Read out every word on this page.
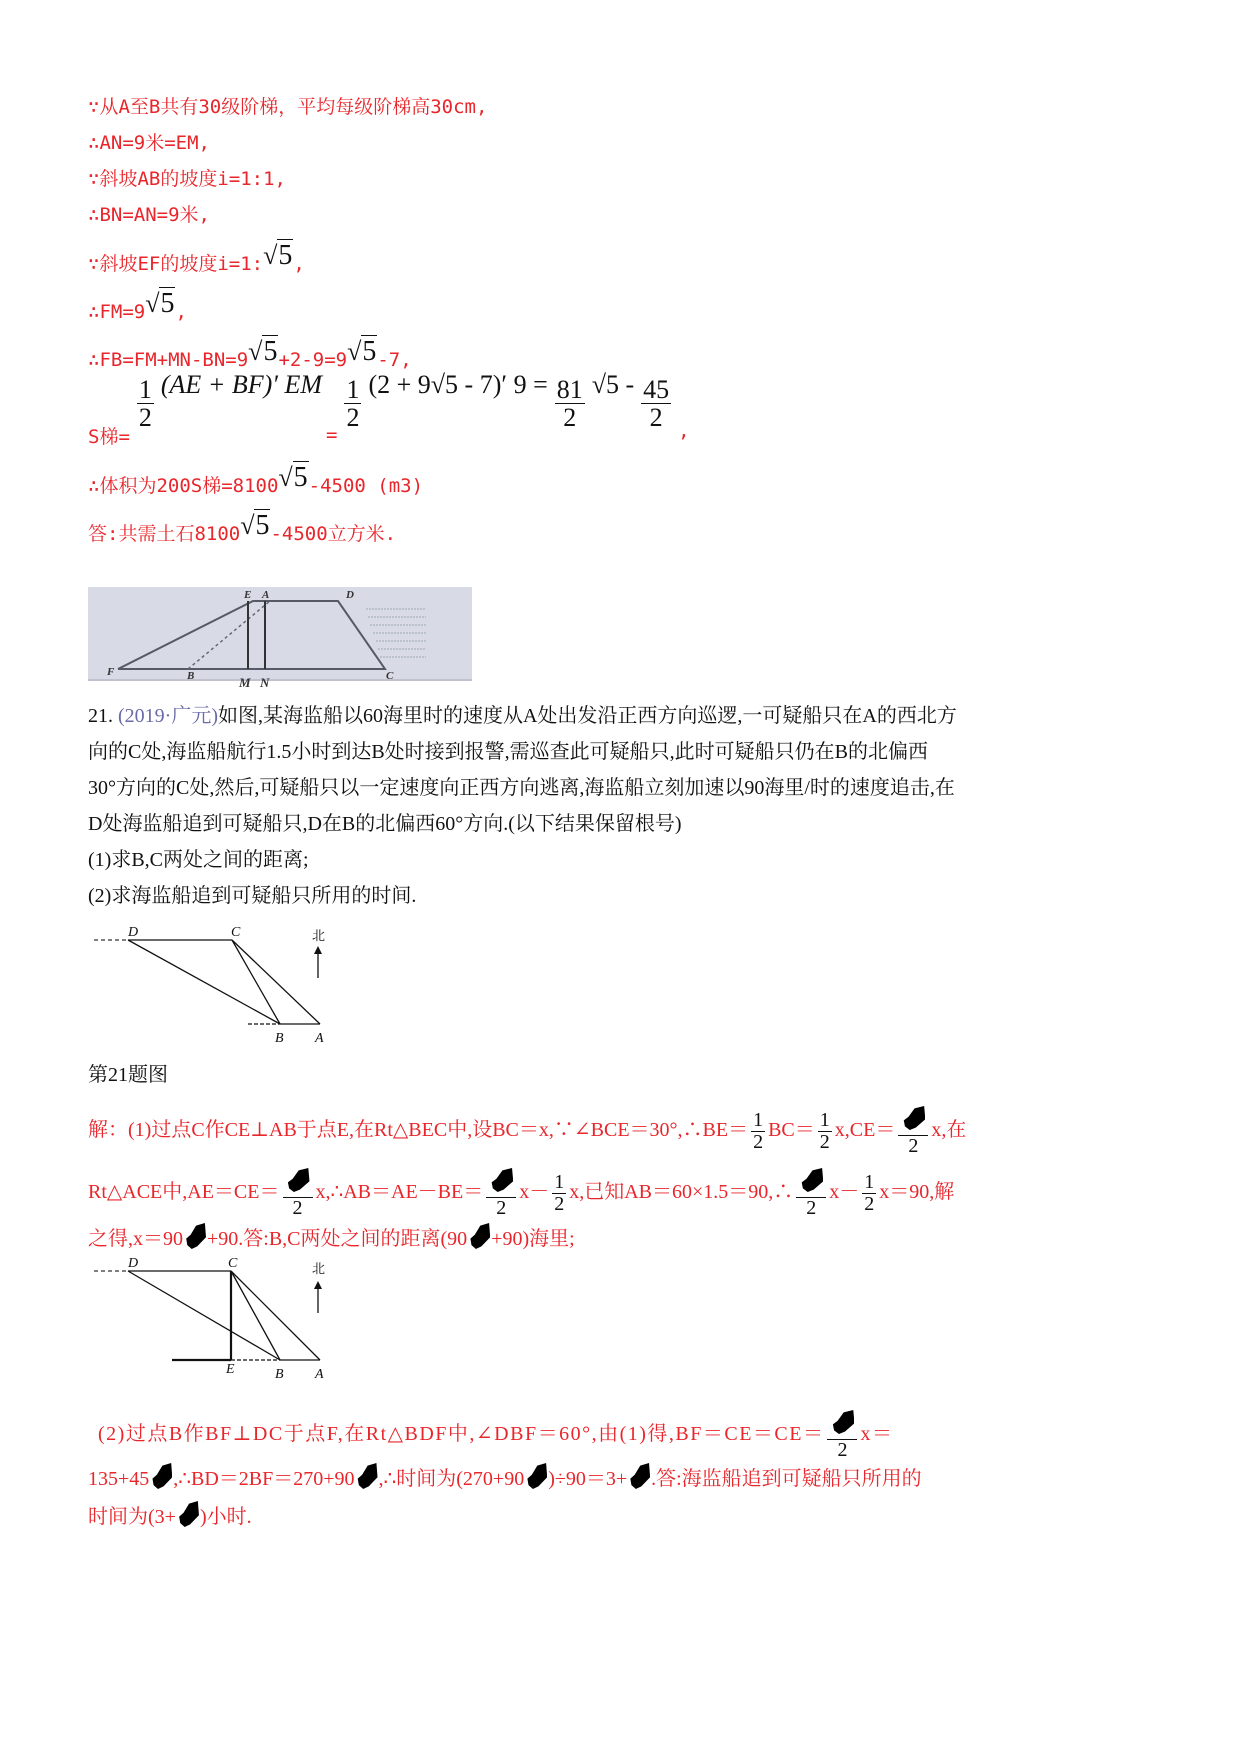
∵从A至B共有30级阶梯，平均每级阶梯高30cm,
∴AN=9米=EM,
∵斜坡AB的坡度i=1:1,
∴BN=AN=9米,
∵斜坡EF的坡度i=1:√5,
∴FM=9√5,
∴FB=FM+MN-BN=9√5+2-9=9√5-7,
S梯=
$\frac{1}{2} (AE + BF)'$ EM =
$\frac{1}{2} (2 + 9√5 - 7)'$ $9 = \frac{81}{2} √5 - \frac{45}{2}$ ,
∴体积为200S梯=8100√5-4500 (m3)
答:共需土石8100√5-4500立方米.
E A	D
F	B	C
M N
21. (2019·广元)如图,某海监船以60海里时的速度从A处出发沿正西方向巡逻,一可疑船只在A的西北方
向的C处,海监船航行1.5小时到达B处时接到报警,需巡查此可疑船只,此时可疑船只仍在B的北偏西
30°方向的C处,然后,可疑船只以一定速度向正西方向逃离,海监船立刻加速以90海里/时的速度追击,在
D处海监船追到可疑船只,D在B的北偏西60°方向.(以下结果保留根号)
(1)求B,C两处之间的距离;
(2)求海监船追到可疑船只所用的时间.
D	C
B A
北
第21题图
解：(1)过点C作CE⊥AB于点E,在Rt△BEC中,设BC＝x,∵∠BCE＝30°,∴BE＝ $\frac{1}{2} BC= \frac{1}{2} x,CE=$
2
x,在
Rt△ACE中,AE＝CE＝
2
x,∴AB＝AE－BE＝
2
$x- \frac{1}{2} x$,已知AB＝60×1.5＝90,∴
2
$x- \frac{1}{2} x=90$,解
之得,x＝90 +90.答:B,C两处之间的距离(90 +90)海里;
D	C
E	B A
北
(2)过点B作BF⊥DC于点F,在Rt△BDF中,∠DBF＝60°,由(1)得,BF＝CE＝CE＝
2
x＝
135+45 ,∴BD＝2BF＝270+90 ,∴时间为(270+90 )÷90＝3+ .答:海监船追到可疑船只所用的
时间为(3+ )小时.
